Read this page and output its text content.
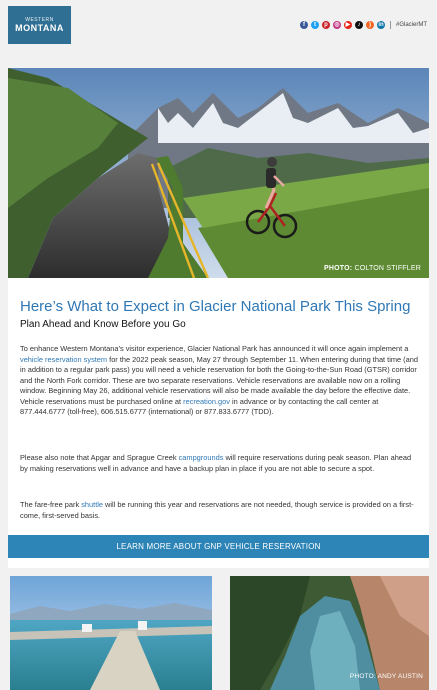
WESTERN
MONTANA	f	t	p	◎ ▶	♪	)	in #GlacierMT
PHOTO: COLTON STIFFLER
Here’s What to Expect in Glacier National Park This Spring
Plan Ahead and Know Before you Go

To enhance Western Montana’s visitor experience, Glacier National Park has announced it will once again implement a vehicle reservation system for the 2022 peak season, May 27 through September 11. When entering during that time (and in addition to a regular park pass) you will need a vehicle reservation for both the Going-to-the-Sun Road (GTSR) corridor and the North Fork corridor. These are two separate reservations. Vehicle reservations are available now on a rolling window. Beginning May 26, additional vehicle reservations will also be made available the day before the effective date. Vehicle reservations must be purchased online at recreation.gov in advance or by contacting the call center at 877.444.6777 (toll-free), 606.515.6777 (international) or 877.833.6777 (TDD).

Please also note that Apgar and Sprague Creek campgrounds will require reservations during peak season. Plan ahead by making reservations well in advance and have a backup plan in place if you are not able to secure a spot.

The fare-free park shuttle will be running this year and reservations are not needed, though service is provided on a first-come, first-served basis.

LEARN MORE ABOUT GNP VEHICLE RESERVATION
PHOTO: ANDY AUSTIN
